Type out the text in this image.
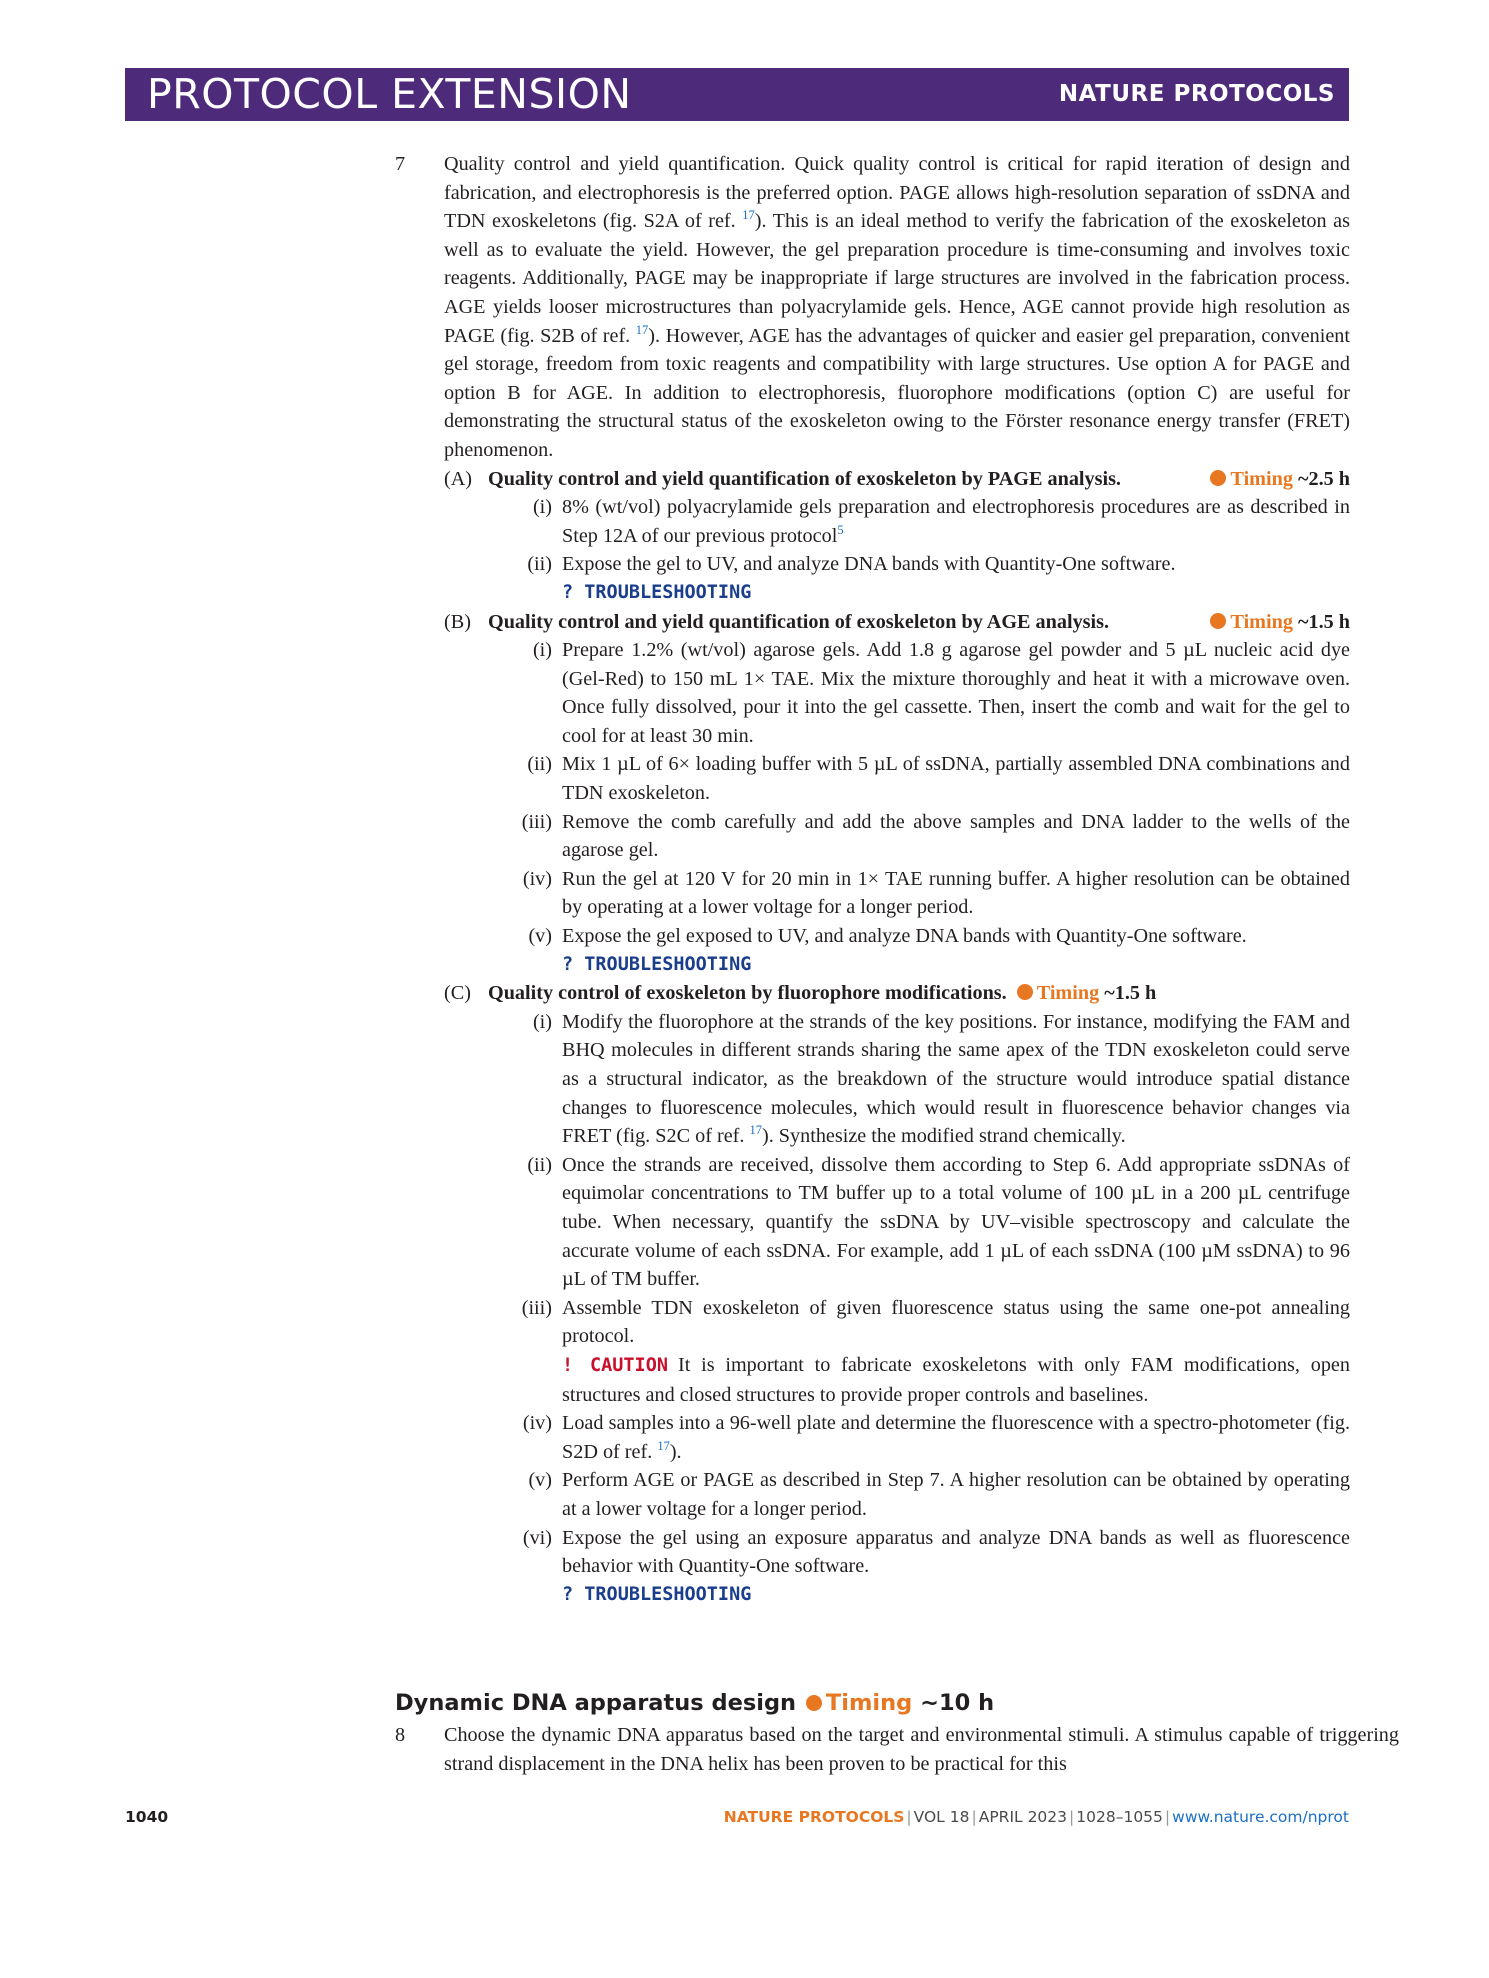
PROTOCOL EXTENSION	NATURE PROTOCOLS
7 Quality control and yield quantification. Quick quality control is critical for rapid iteration of design and fabrication, and electrophoresis is the preferred option. PAGE allows high-resolution separation of ssDNA and TDN exoskeletons (fig. S2A of ref. $^{17}$). This is an ideal method to verify the fabrication of the exoskeleton as well as to evaluate the yield. However, the gel preparation procedure is time-consuming and involves toxic reagents. Additionally, PAGE may be inappropriate if large structures are involved in the fabrication process. AGE yields looser microstructures than polyacrylamide gels. Hence, AGE cannot provide high resolution as PAGE (fig. S2B of ref. $^{17}$). However, AGE has the advantages of quicker and easier gel preparation, convenient gel storage, freedom from toxic reagents and compatibility with large structures. Use option A for PAGE and option B for AGE. In addition to electrophoresis, fluorophore modifications (option C) are useful for demonstrating the structural status of the exoskeleton owing to the Förster resonance energy transfer (FRET) phenomenon.
(A) Quality control and yield quantification of exoskeleton by PAGE analysis.	Timing ~2.5 h
(i) 8% (wt/vol) polyacrylamide gels preparation and electrophoresis procedures are as described in Step 12A of our previous protocol$^5$
(ii) Expose the gel to UV, and analyze DNA bands with Quantity-One software.
? TROUBLESHOOTING
(B) Quality control and yield quantification of exoskeleton by AGE analysis.	Timing ~1.5 h
(i) Prepare 1.2% (wt/vol) agarose gels. Add 1.8 g agarose gel powder and 5 µL nucleic acid dye (Gel-Red) to 150 mL 1× TAE. Mix the mixture thoroughly and heat it with a microwave oven. Once fully dissolved, pour it into the gel cassette. Then, insert the comb and wait for the gel to cool for at least 30 min.
(ii) Mix 1 µL of 6× loading buffer with 5 µL of ssDNA, partially assembled DNA combinations and TDN exoskeleton.
(iii) Remove the comb carefully and add the above samples and DNA ladder to the wells of the agarose gel.
(iv) Run the gel at 120 V for 20 min in 1× TAE running buffer. A higher resolution can be obtained by operating at a lower voltage for a longer period.
(v) Expose the gel exposed to UV, and analyze DNA bands with Quantity-One software.
? TROUBLESHOOTING
(C) Quality control of exoskeleton by fluorophore modifications.	Timing ~1.5 h
(i) Modify the fluorophore at the strands of the key positions. For instance, modifying the FAM and BHQ molecules in different strands sharing the same apex of the TDN exoskeleton could serve as a structural indicator, as the breakdown of the structure would introduce spatial distance changes to fluorescence molecules, which would result in fluorescence behavior changes via FRET (fig. S2C of ref. $^{17}$). Synthesize the modified strand chemically.
(ii) Once the strands are received, dissolve them according to Step 6. Add appropriate ssDNAs of equimolar concentrations to TM buffer up to a total volume of 100 µL in a 200 µL centrifuge tube. When necessary, quantify the ssDNA by UV–visible spectroscopy and calculate the accurate volume of each ssDNA. For example, add 1 µL of each ssDNA (100 µM ssDNA) to 96 µL of TM buffer.
(iii) Assemble TDN exoskeleton of given fluorescence status using the same one-pot annealing protocol.
! CAUTION It is important to fabricate exoskeletons with only FAM modifications, open structures and closed structures to provide proper controls and baselines.
(iv) Load samples into a 96-well plate and determine the fluorescence with a spectro-photometer (fig. S2D of ref. $^{17}$).
(v) Perform AGE or PAGE as described in Step 7. A higher resolution can be obtained by operating at a lower voltage for a longer period.
(vi) Expose the gel using an exposure apparatus and analyze DNA bands as well as fluorescence behavior with Quantity-One software.
? TROUBLESHOOTING
Dynamic DNA apparatus design Timing ~10 h
8 Choose the dynamic DNA apparatus based on the target and environmental stimuli. A stimulus capable of triggering strand displacement in the DNA helix has been proven to be practical for this
1040	NATURE PROTOCOLS | VOL 18 | APRIL 2023 | 1028–1055 | www.nature.com/nprot
